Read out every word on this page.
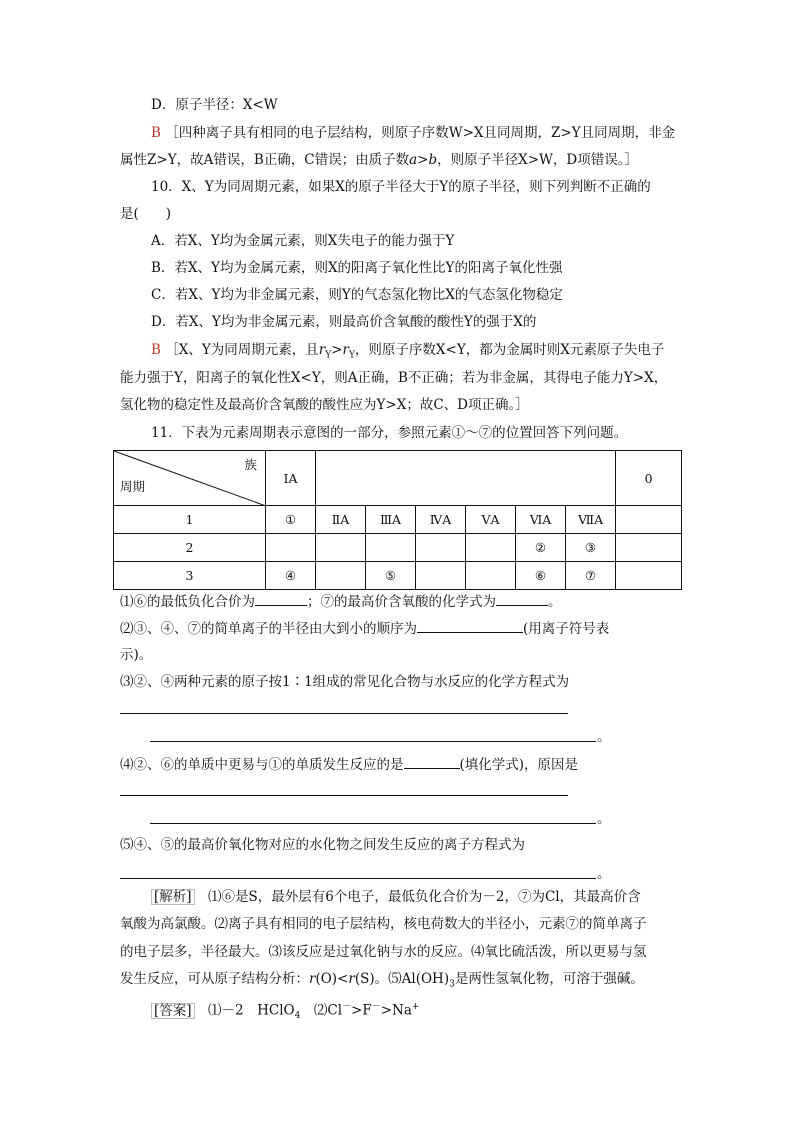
D．原子半径：X<W
B ［四种离子具有相同的电子层结构，则原子序数W>X且同周期，Z>Y且同周期，非金
属性Z>Y，故A错误，B正确，C错误；由质子数a>b，则原子半径X>W，D项错误。］
10．X、Y为同周期元素，如果X的原子半径大于Y的原子半径，则下列判断不正确的
是(　　)
A．若X、Y均为金属元素，则X失电子的能力强于Y
B．若X、Y均为金属元素，则X的阳离子氧化性比Y的阳离子氧化性强
C．若X、Y均为非金属元素，则Y的气态氢化物比X的气态氢化物稳定
D．若X、Y均为非金属元素，则最高价含氧酸的酸性Y的强于X的
B ［X、Y为同周期元素，且$r_Y>r_Y$，则原子序数X<Y，都为金属时则X元素原子失电子
能力强于Y，阳离子的氧化性X<Y，则A正确，B不正确；若为非金属，其得电子能力Y>X，
氢化物的稳定性及最高价含氧酸的酸性应为Y>X；故C、D项正确。］
11．下表为元素周期表示意图的一部分，参照元素①～⑦的位置回答下列问题。
族
周期	ⅠA							0
1	①	ⅡA	ⅢA	ⅣA	ⅤA	ⅥA	ⅦA	
2						②	③	
3	④		⑤			⑥	⑦	
⑴⑥的最低负化合价为	；⑦的最高价含氧酸的化学式为	。
⑵③、④、⑦的简单离子的半径由大到小的顺序为	(用离子符号表
示)。
⑶②、④两种元素的原子按1∶1组成的常见化合物与水反应的化学方程式为
。
⑷②、⑥的单质中更易与①的单质发生反应的是	(填化学式)，原因是
。
⑸④、⑤的最高价氧化物对应的水化物之间发生反应的离子方程式为
。
[解析]　 ⑴⑥是S，最外层有6个电子，最低负化合价为－2，⑦为Cl，其最高价含
氧酸为高氯酸。⑵离子具有相同的电子层结构，核电荷数大的半径小，元素⑦的简单离子
的电子层多，半径最大。⑶该反应是过氧化钠与水的反应。⑷氧比硫活泼，所以更易与氢
发生反应，可从原子结构分析：r(O)<r(S)。$⑸Al(OH)_3$是两性氢氧化物，可溶于强碱。
[答案]　 ⑴－2　HClO$_4$　⑵Cl－>F－>Na+
